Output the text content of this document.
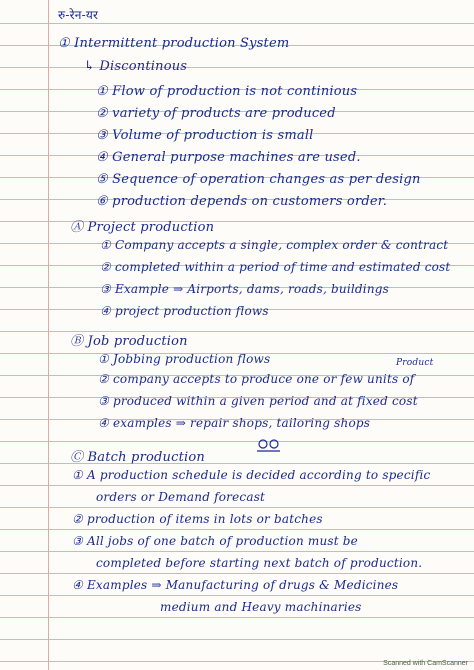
रु-रेन-यर
① Intermittent production System
↳ Discontinous
① Flow of production is not continious
② variety of products are produced
③ Volume of production is small
④ General purpose machines are used.
⑤ Sequence of operation changes as per design
⑥ production depends on customers order.
Ⓐ Project production
① Company accepts a single, complex order & contract
② completed within a period of time and estimated cost
③ Example ⇒ Airports, dams, roads, buildings
④ project production flows
Ⓑ Job production
Product
① Jobbing production flows
② company accepts to produce one or few units of
③ produced within a given period and at fixed cost
④ examples ⇒ repair shops, tailoring shops
Ⓒ Batch production
① A production schedule is decided according to specific
orders or Demand forecast
② production of items in lots or batches
③ All jobs of one batch of production must be
completed before starting next batch of production.
④ Examples ⇒ Manufacturing of drugs & Medicines
medium and Heavy machinaries
Scanned with CamScanner
